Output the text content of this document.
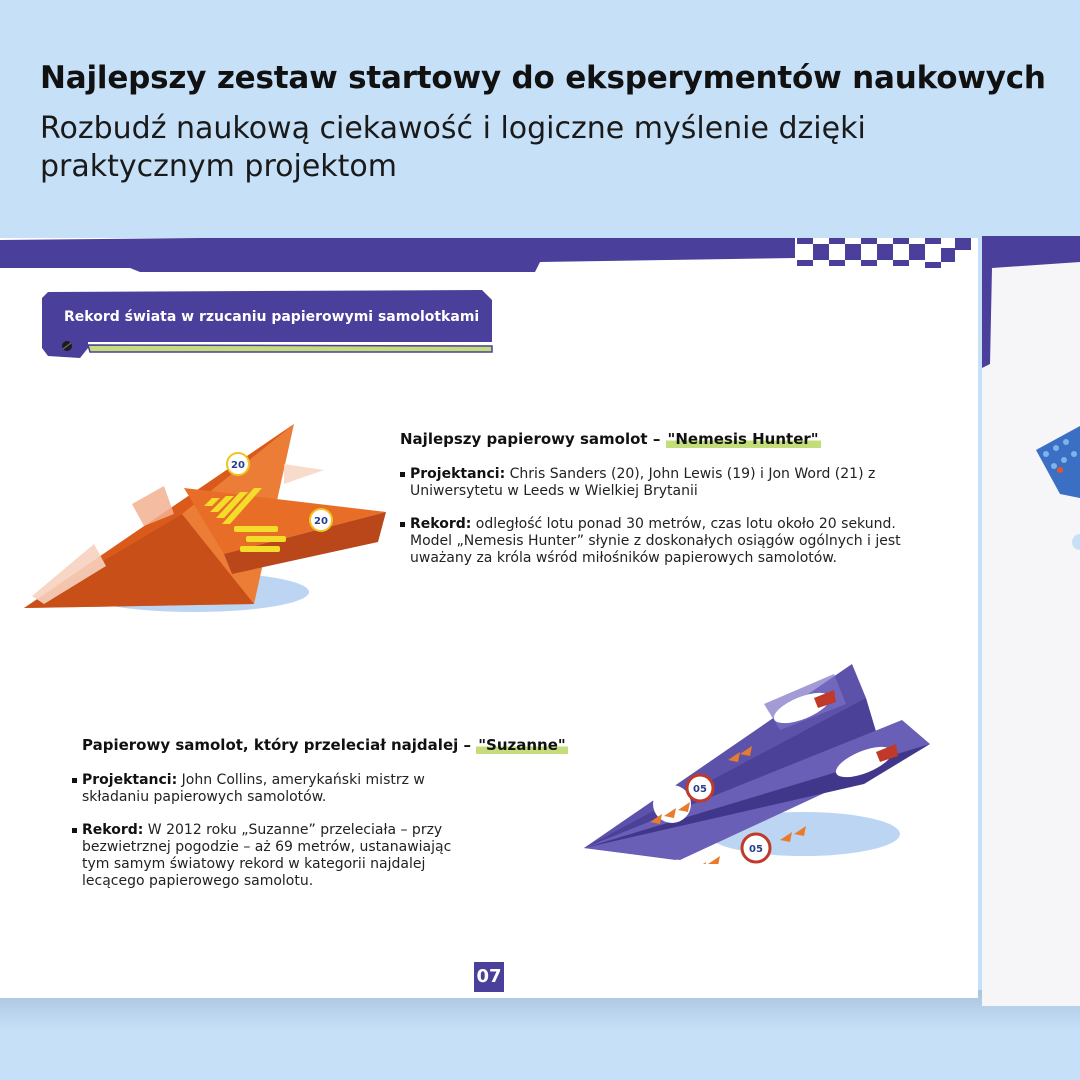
Najlepszy zestaw startowy do eksperymentów naukowych
Rozbudź naukową ciekawość i logiczne myślenie dzięki praktycznym projektom

Rekord świata w rzucaniu papierowymi samolotkami

20
20

Najlepszy papierowy samolot – "Nemesis Hunter"

Projektanci: Chris Sanders (20), John Lewis (19) i Jon Word (21) z Uniwersytetu w Leeds w Wielkiej Brytanii

Rekord: odległość lotu ponad 30 metrów, czas lotu około 20 sekund. Model „Nemesis Hunter” słynie z doskonałych osiągów ogólnych i jest uważany za króla wśród miłośników papierowych samolotów.

05
05

Papierowy samolot, który przeleciał najdalej – "Suzanne"

Projektanci: John Collins, amerykański mistrz w składaniu papierowych samolotów.

Rekord: W 2012 roku „Suzanne” przeleciała – przy bezwietrznej pogodzie – aż 69 metrów, ustanawiając tym samym światowy rekord w kategorii najdalej lecącego papierowego samolotu.

07
